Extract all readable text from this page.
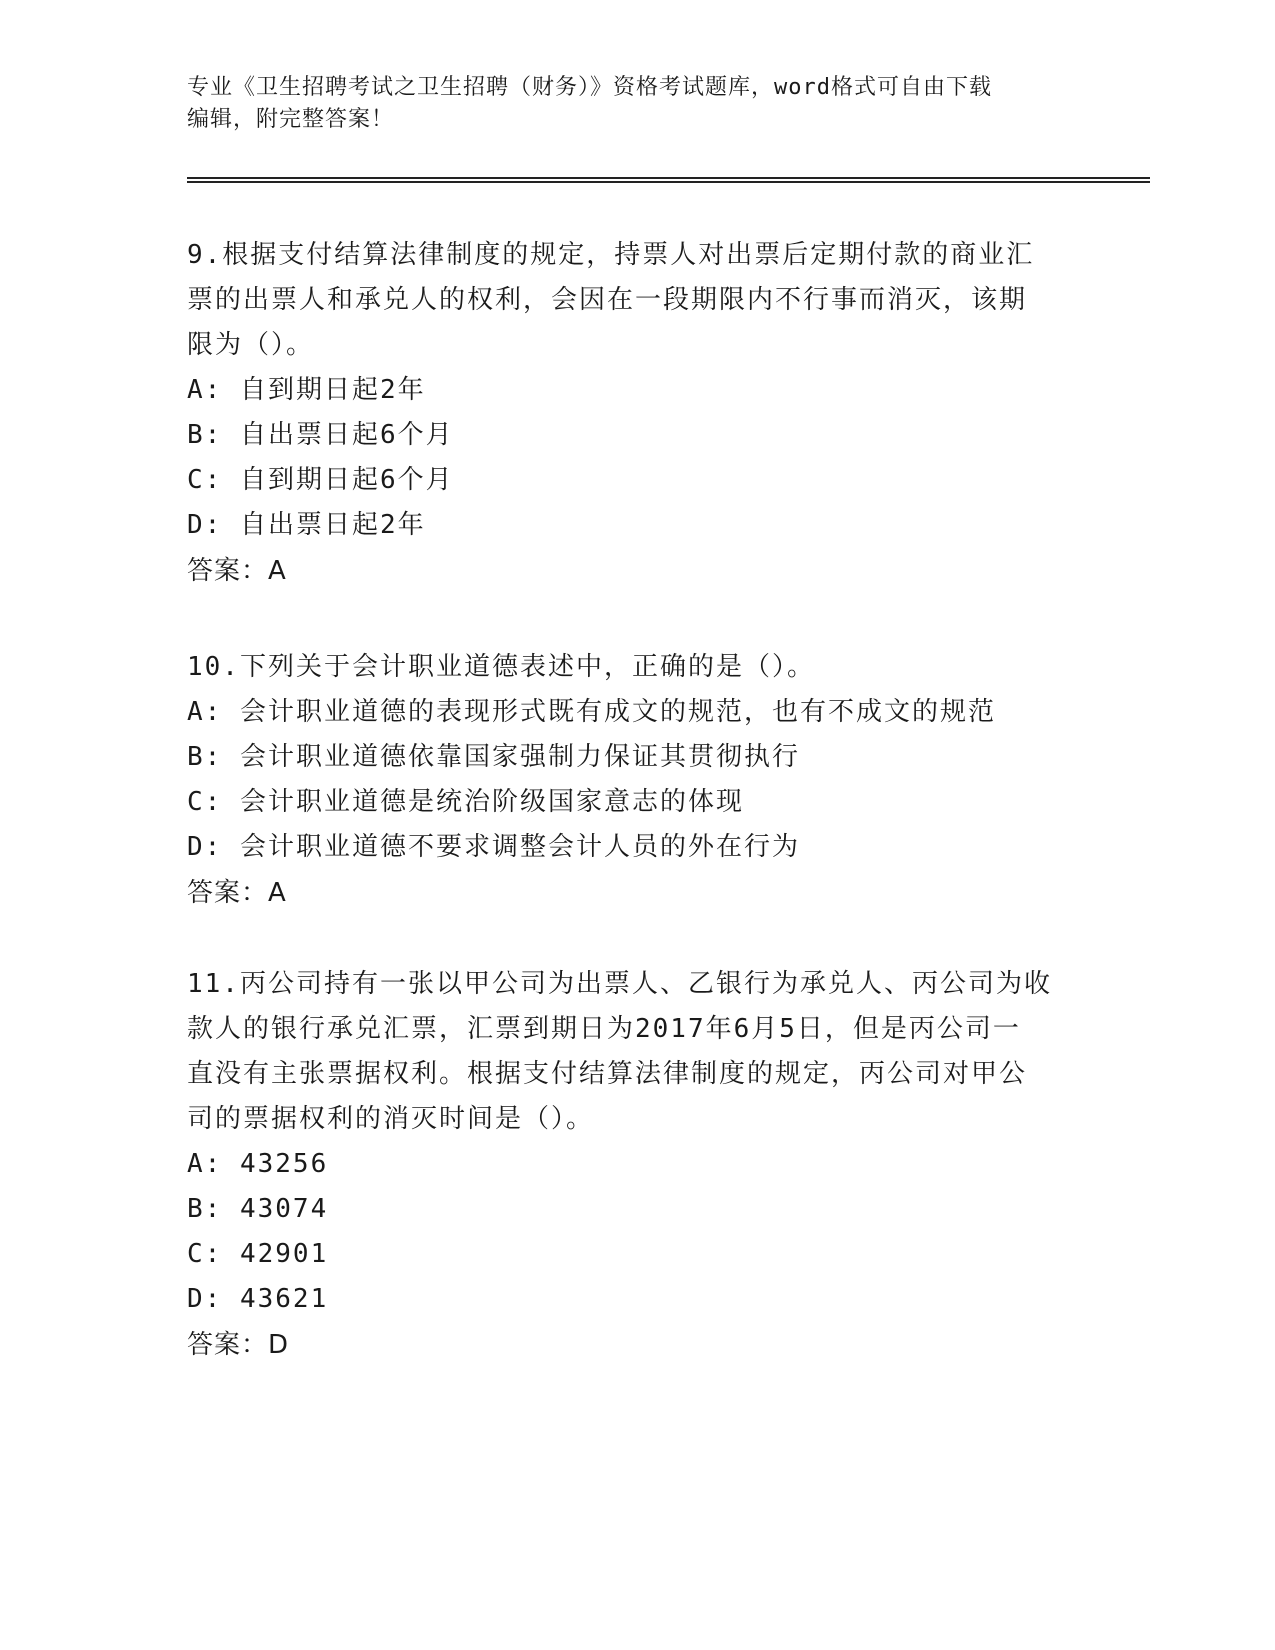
专业《卫生招聘考试之卫生招聘（财务）》资格考试题库，word格式可自由下载
编辑，附完整答案！
9.根据支付结算法律制度的规定，持票人对出票后定期付款的商业汇
票的出票人和承兑人的权利，会因在一段期限内不行事而消灭，该期
限为（）。
A: 自到期日起2年
B: 自出票日起6个月
C: 自到期日起6个月
D: 自出票日起2年
答案：A
10.下列关于会计职业道德表述中，正确的是（）。
A: 会计职业道德的表现形式既有成文的规范，也有不成文的规范
B: 会计职业道德依靠国家强制力保证其贯彻执行
C: 会计职业道德是统治阶级国家意志的体现
D: 会计职业道德不要求调整会计人员的外在行为
答案：A
11.丙公司持有一张以甲公司为出票人、乙银行为承兑人、丙公司为收
款人的银行承兑汇票，汇票到期日为2017年6月5日，但是丙公司一
直没有主张票据权利。根据支付结算法律制度的规定，丙公司对甲公
司的票据权利的消灭时间是（）。
A: 43256
B: 43074
C: 42901
D: 43621
答案：D
